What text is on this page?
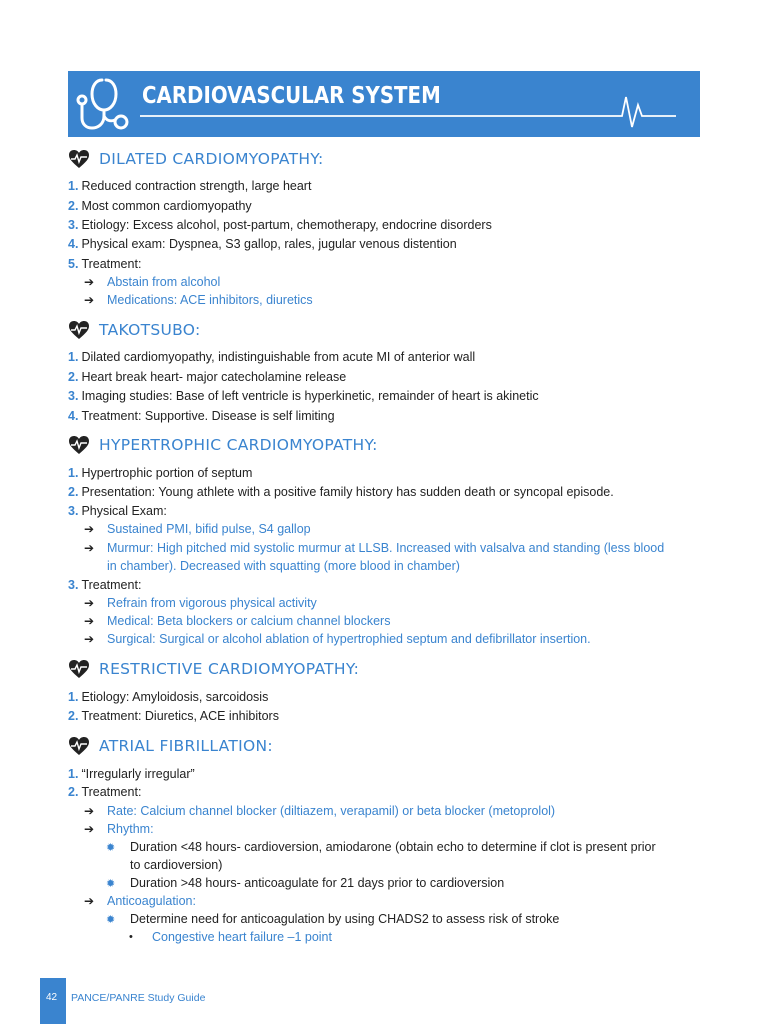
CARDIOVASCULAR SYSTEM
DILATED CARDIOMYOPATHY:
1. Reduced contraction strength, large heart
2. Most common cardiomyopathy
3. Etiology: Excess alcohol, post-partum, chemotherapy, endocrine disorders
4. Physical exam: Dyspnea, S3 gallop, rales, jugular venous distention
5. Treatment:
➔ Abstain from alcohol
➔ Medications: ACE inhibitors, diuretics
TAKOTSUBO:
1. Dilated cardiomyopathy, indistinguishable from acute MI of anterior wall
2. Heart break heart- major catecholamine release
3. Imaging studies: Base of left ventricle is hyperkinetic, remainder of heart is akinetic
4. Treatment: Supportive. Disease is self limiting
HYPERTROPHIC CARDIOMYOPATHY:
1. Hypertrophic portion of septum
2. Presentation: Young athlete with a positive family history has sudden death or syncopal episode.
3. Physical Exam:
➔ Sustained PMI, bifid pulse, S4 gallop
➔ Murmur: High pitched mid systolic murmur at LLSB. Increased with valsalva and standing (less blood
in chamber). Decreased with squatting (more blood in chamber)
3. Treatment:
➔ Refrain from vigorous physical activity
➔ Medical: Beta blockers or calcium channel blockers
➔ Surgical: Surgical or alcohol ablation of hypertrophied septum and defibrillator insertion.
RESTRICTIVE CARDIOMYOPATHY:
1. Etiology: Amyloidosis, sarcoidosis
2. Treatment: Diuretics, ACE inhibitors
ATRIAL FIBRILLATION:
1. “Irregularly irregular”
2. Treatment:
➔ Rate: Calcium channel blocker (diltiazem, verapamil) or beta blocker (metoprolol)
➔ Rhythm:
✹ Duration <48 hours- cardioversion, amiodarone (obtain echo to determine if clot is present prior
to cardioversion)
✹ Duration >48 hours- anticoagulate for 21 days prior to cardioversion
➔ Anticoagulation:
✹ Determine need for anticoagulation by using CHADS2 to assess risk of stroke
• Congestive heart failure –1 point
42 PANCE/PANRE Study Guide
